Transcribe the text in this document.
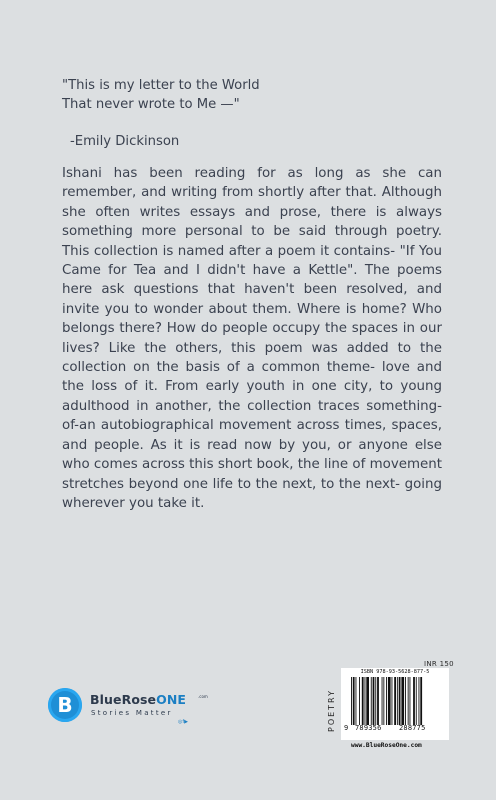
"This is my letter to the World
That never wrote to Me —"
-Emily Dickinson
Ishani has been reading for as long as she can remember, and writing from shortly after that. Although she often writes essays and prose, there is always something more personal to be said through poetry. This collection is named after a poem it contains- "If You Came for Tea and I didn't have a Kettle". The poems here ask questions that haven't been resolved, and invite you to wonder about them. Where is home? Who belongs there? How do people occupy the spaces in our lives? Like the others, this poem was added to the collection on the basis of a common theme- love and the loss of it. From early youth in one city, to young adulthood in another, the collection traces something-of-an autobiographical movement across times, spaces, and people. As it is read now by you, or anyone else who comes across this short book, the line of movement stretches beyond one life to the next, to the next- going wherever you take it.
B	BlueRoseONE	.com
Stories Matter
◎f▶	POETRY
INR 150
ISBN 978-93-5628-877-5
9 789356	288775
www.BlueRoseOne.com
